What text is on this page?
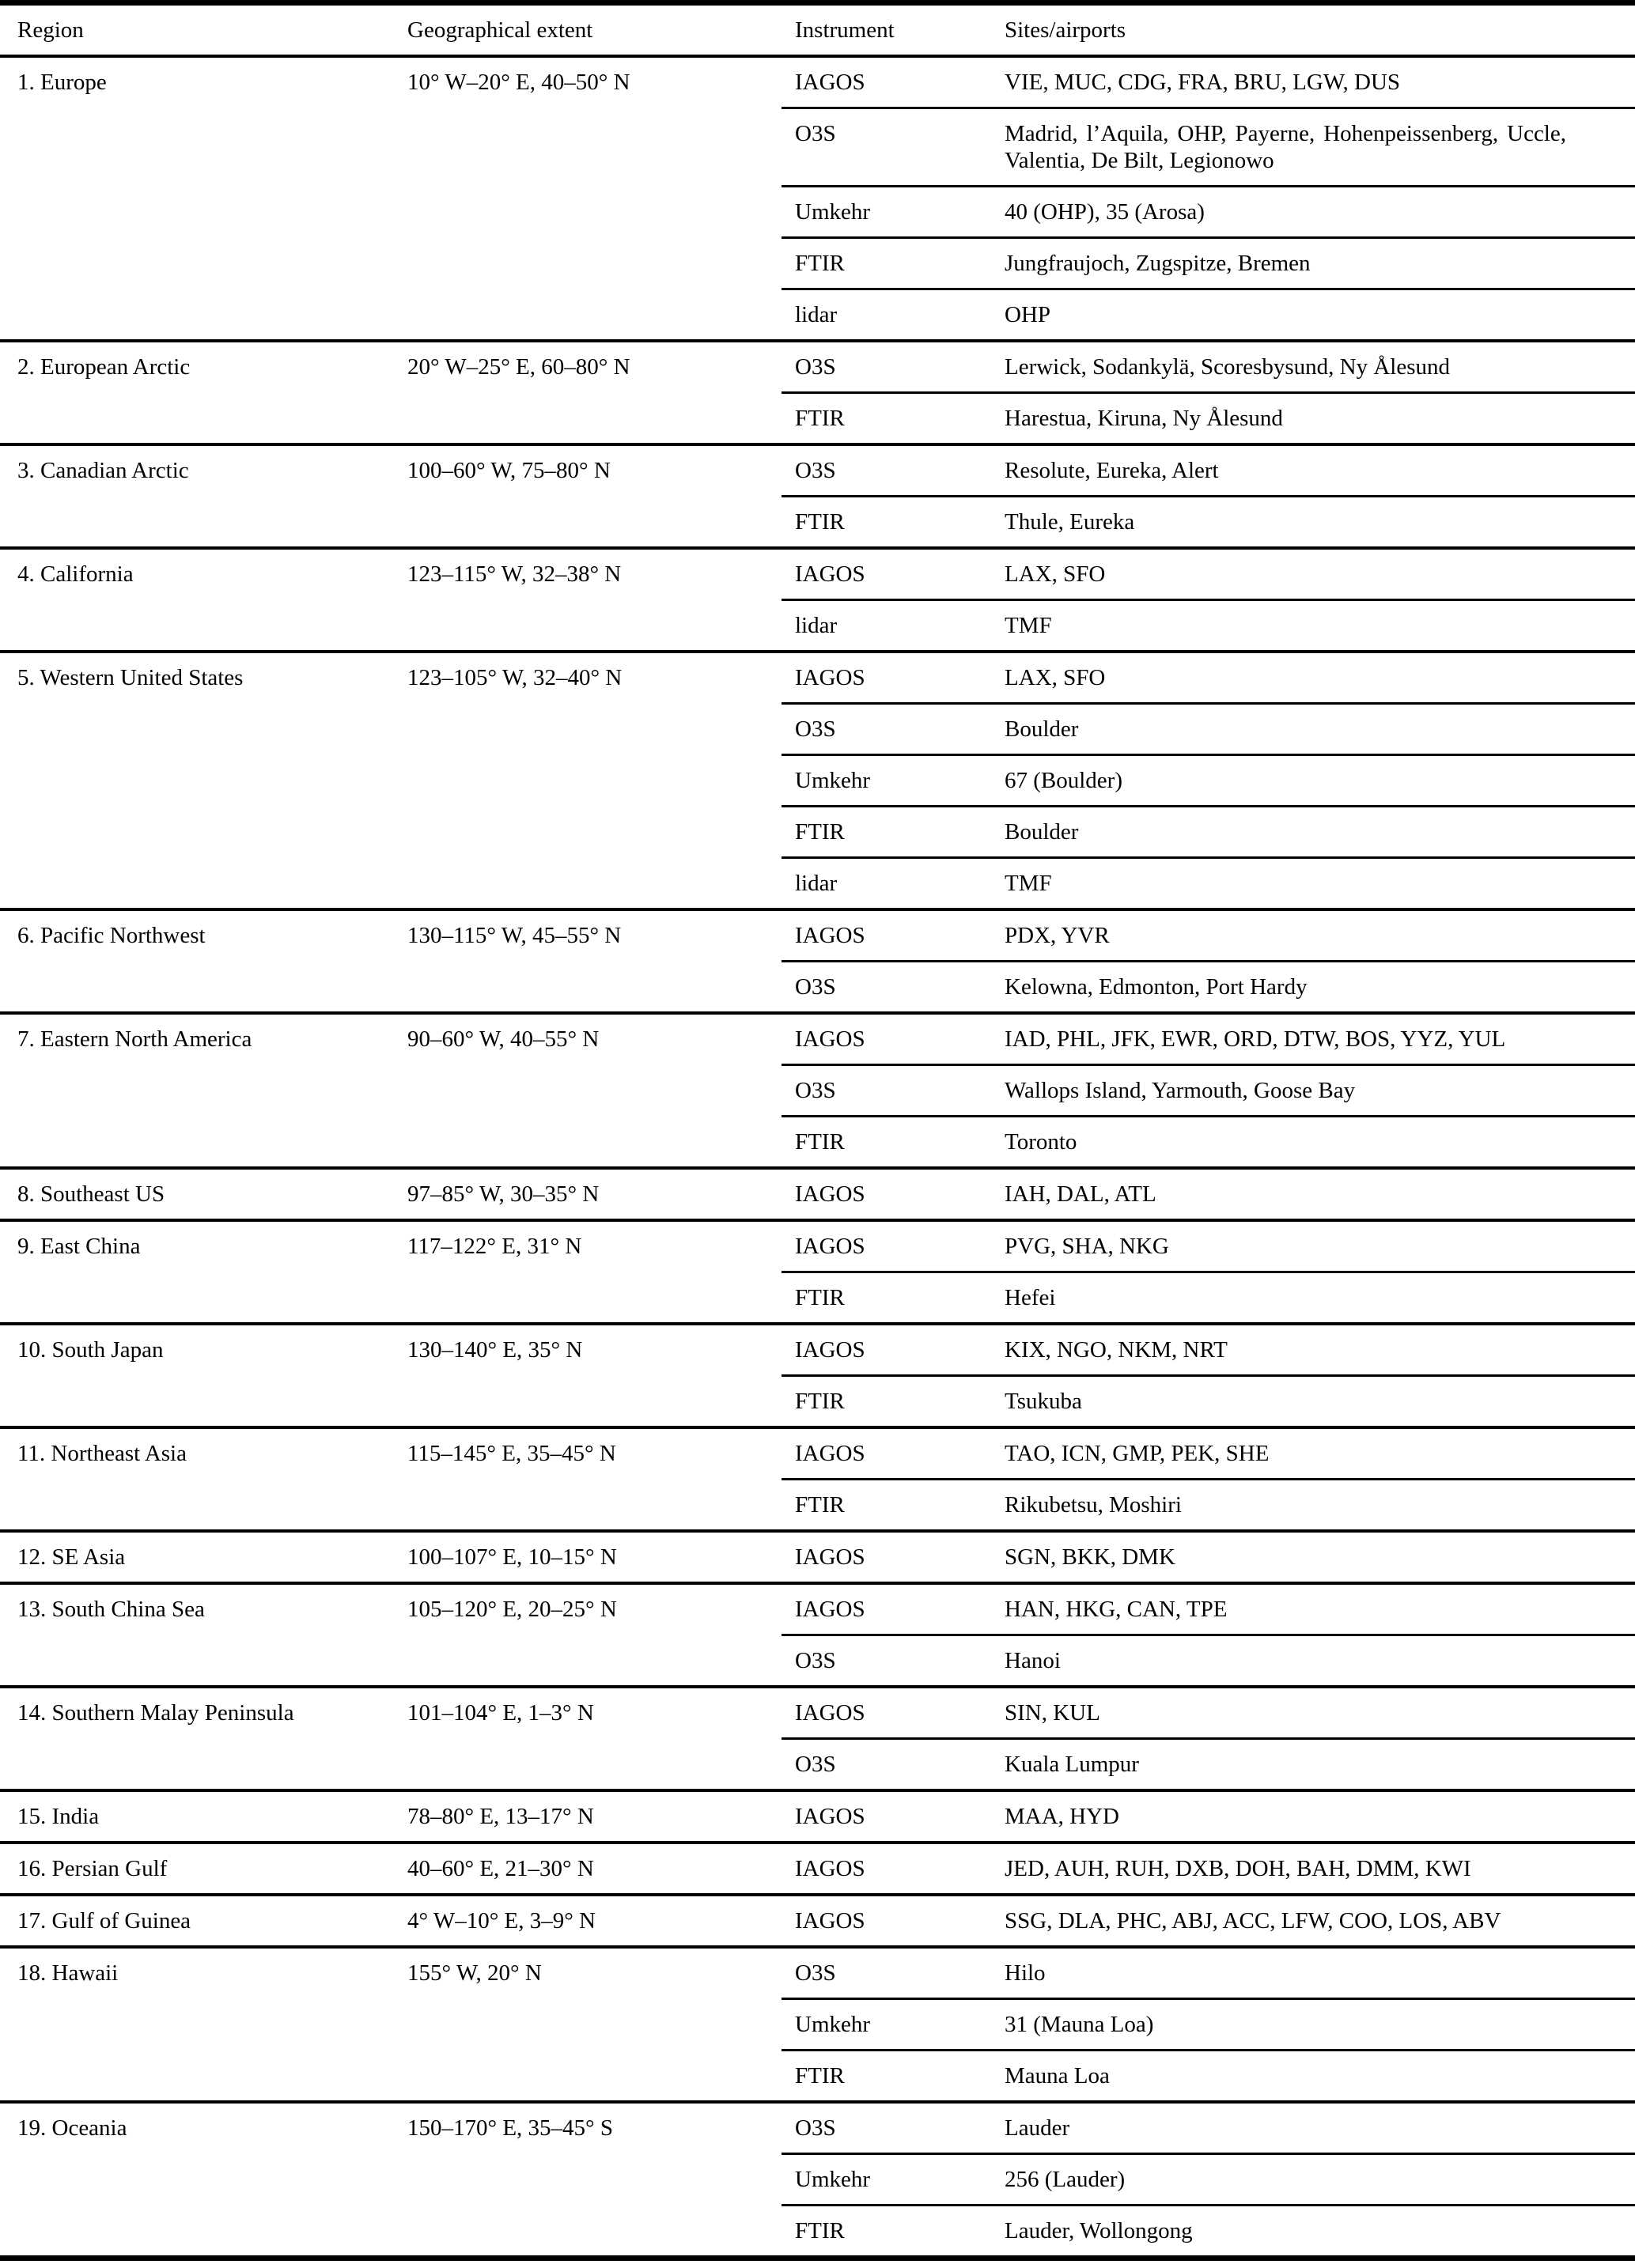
Region	Geographical extent	Instrument	Sites/airports
1. Europe	10° W–20° E, 40–50° N	IAGOS	VIE, MUC, CDG, FRA, BRU, LGW, DUS
		O3S	Madrid, l’Aquila, OHP, Payerne, Hohenpeissenberg, Uccle, Valentia, De Bilt, Legionowo

		Umkehr	40 (OHP), 35 (Arosa)
		FTIR	Jungfraujoch, Zugspitze, Bremen
		lidar	OHP
2. European Arctic	20° W–25° E, 60–80° N	O3S	Lerwick, Sodankylä, Scoresbysund, Ny Ålesund
		FTIR	Harestua, Kiruna, Ny Ålesund
3. Canadian Arctic	100–60° W, 75–80° N	O3S	Resolute, Eureka, Alert
		FTIR	Thule, Eureka
4. California	123–115° W, 32–38° N	IAGOS	LAX, SFO
		lidar	TMF
5. Western United States	123–105° W, 32–40° N	IAGOS	LAX, SFO
		O3S	Boulder
		Umkehr	67 (Boulder)
		FTIR	Boulder
		lidar	TMF
6. Pacific Northwest	130–115° W, 45–55° N	IAGOS	PDX, YVR
		O3S	Kelowna, Edmonton, Port Hardy
7. Eastern North America	90–60° W, 40–55° N	IAGOS	IAD, PHL, JFK, EWR, ORD, DTW, BOS, YYZ, YUL
		O3S	Wallops Island, Yarmouth, Goose Bay
		FTIR	Toronto
8. Southeast US	97–85° W, 30–35° N	IAGOS	IAH, DAL, ATL
9. East China	117–122° E, 31° N	IAGOS	PVG, SHA, NKG
		FTIR	Hefei
10. South Japan	130–140° E, 35° N	IAGOS	KIX, NGO, NKM, NRT
		FTIR	Tsukuba
11. Northeast Asia	115–145° E, 35–45° N	IAGOS	TAO, ICN, GMP, PEK, SHE
		FTIR	Rikubetsu, Moshiri
12. SE Asia	100–107° E, 10–15° N	IAGOS	SGN, BKK, DMK
13. South China Sea	105–120° E, 20–25° N	IAGOS	HAN, HKG, CAN, TPE
		O3S	Hanoi
14. Southern Malay Peninsula	101–104° E, 1–3° N	IAGOS	SIN, KUL
		O3S	Kuala Lumpur
15. India	78–80° E, 13–17° N	IAGOS	MAA, HYD
16. Persian Gulf	40–60° E, 21–30° N	IAGOS	JED, AUH, RUH, DXB, DOH, BAH, DMM, KWI
17. Gulf of Guinea	4° W–10° E, 3–9° N	IAGOS	SSG, DLA, PHC, ABJ, ACC, LFW, COO, LOS, ABV
18. Hawaii	155° W, 20° N	O3S	Hilo
		Umkehr	31 (Mauna Loa)
		FTIR	Mauna Loa
19. Oceania	150–170° E, 35–45° S	O3S	Lauder
		Umkehr	256 (Lauder)
		FTIR	Lauder, Wollongong
